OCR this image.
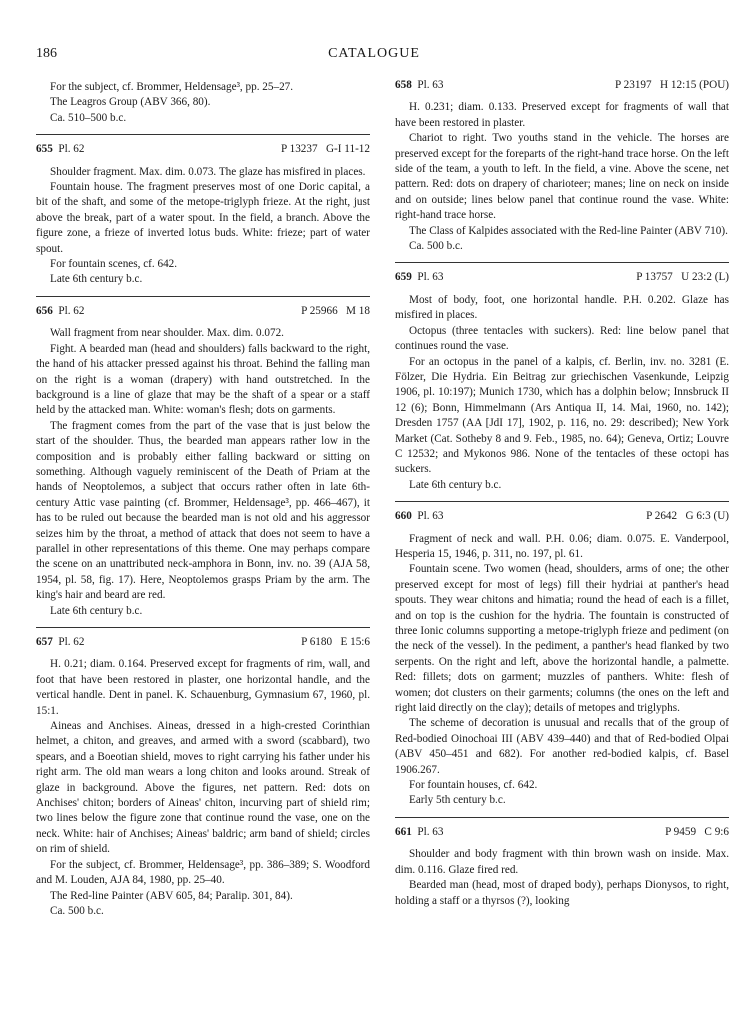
186	CATALOGUE

For the subject, cf. Brommer, Heldensage³, pp. 25–27.

The Leagros Group (ABV 366, 80).

Ca. 510–500 b.c.

655 Pl. 62	P 13237   G-I 11-12

Shoulder fragment. Max. dim. 0.073. The glaze has misfired in places.

Fountain house. The fragment preserves most of one Doric capital, a bit of the shaft, and some of the metope-triglyph frieze. At the right, just above the break, part of a water spout. In the field, a branch. Above the figure zone, a frieze of inverted lotus buds. White: frieze; part of water spout.

For fountain scenes, cf. 642.

Late 6th century b.c.

656 Pl. 62	P 25966   M 18

Wall fragment from near shoulder. Max. dim. 0.072.

Fight. A bearded man (head and shoulders) falls backward to the right, the hand of his attacker pressed against his throat. Behind the falling man on the right is a woman (drapery) with hand outstretched. In the background is a line of glaze that may be the shaft of a spear or a staff held by the attacked man. White: woman's flesh; dots on garments.

The fragment comes from the part of the vase that is just below the start of the shoulder. Thus, the bearded man appears rather low in the composition and is probably either falling backward or sitting on something. Although vaguely reminiscent of the Death of Priam at the hands of Neoptolemos, a subject that occurs rather often in late 6th-century Attic vase painting (cf. Brommer, Heldensage³, pp. 466–467), it has to be ruled out because the bearded man is not old and his aggressor seizes him by the throat, a method of attack that does not seem to have a parallel in other representations of this theme. One may perhaps compare the scene on an unattributed neck-amphora in Bonn, inv. no. 39 (AJA 58, 1954, pl. 58, fig. 17). Here, Neoptolemos grasps Priam by the arm. The king's hair and beard are red.

Late 6th century b.c.

657 Pl. 62	P 6180   E 15:6

H. 0.21; diam. 0.164. Preserved except for fragments of rim, wall, and foot that have been restored in plaster, one horizontal handle, and the vertical handle. Dent in panel. K. Schauenburg, Gymnasium 67, 1960, pl. 15:1.

Aineas and Anchises. Aineas, dressed in a high-crested Corinthian helmet, a chiton, and greaves, and armed with a sword (scabbard), two spears, and a Boeotian shield, moves to right carrying his father under his right arm. The old man wears a long chiton and looks around. Streak of glaze in background. Above the figures, net pattern. Red: dots on Anchises' chiton; borders of Aineas' chiton, incurving part of shield rim; two lines below the figure zone that continue round the vase, one on the neck. White: hair of Anchises; Aineas' baldric; arm band of shield; circles on rim of shield.

For the subject, cf. Brommer, Heldensage³, pp. 386–389; S. Woodford and M. Louden, AJA 84, 1980, pp. 25–40.

The Red-line Painter (ABV 605, 84; Paralip. 301, 84).

Ca. 500 b.c.

658 Pl. 63	P 23197   H 12:15 (POU)

H. 0.231; diam. 0.133. Preserved except for fragments of wall that have been restored in plaster.

Chariot to right. Two youths stand in the vehicle. The horses are preserved except for the foreparts of the right-hand trace horse. On the left side of the team, a youth to left. In the field, a vine. Above the scene, net pattern. Red: dots on drapery of charioteer; manes; line on neck on inside and on outside; lines below panel that continue round the vase. White: right-hand trace horse.

The Class of Kalpides associated with the Red-line Painter (ABV 710).

Ca. 500 b.c.

659 Pl. 63	P 13757   U 23:2 (L)

Most of body, foot, one horizontal handle. P.H. 0.202. Glaze has misfired in places.

Octopus (three tentacles with suckers). Red: line below panel that continues round the vase.

For an octopus in the panel of a kalpis, cf. Berlin, inv. no. 3281 (E. Fölzer, Die Hydria. Ein Beitrag zur griechischen Vasenkunde, Leipzig 1906, pl. 10:197); Munich 1730, which has a dolphin below; Innsbruck II 12 (6); Bonn, Himmelmann (Ars Antiqua II, 14. Mai, 1960, no. 142); Dresden 1757 (AA [JdI 17], 1902, p. 116, no. 29: described); New York Market (Cat. Sotheby 8 and 9. Feb., 1985, no. 64); Geneva, Ortiz; Louvre C 12532; and Mykonos 986. None of the tentacles of these octopi has suckers.

Late 6th century b.c.

660 Pl. 63	P 2642   G 6:3 (U)

Fragment of neck and wall. P.H. 0.06; diam. 0.075. E. Vanderpool, Hesperia 15, 1946, p. 311, no. 197, pl. 61.

Fountain scene. Two women (head, shoulders, arms of one; the other preserved except for most of legs) fill their hydriai at panther's head spouts. They wear chitons and himatia; round the head of each is a fillet, and on top is the cushion for the hydria. The fountain is constructed of three Ionic columns supporting a metope-triglyph frieze and pediment (on the neck of the vessel). In the pediment, a panther's head flanked by two serpents. On the right and left, above the horizontal handle, a palmette. Red: fillets; dots on garment; muzzles of panthers. White: flesh of women; dot clusters on their garments; columns (the ones on the left and right laid directly on the clay); details of metopes and triglyphs.

The scheme of decoration is unusual and recalls that of the group of Red-bodied Oinochoai III (ABV 439–440) and that of Red-bodied Olpai (ABV 450–451 and 682). For another red-bodied kalpis, cf. Basel 1906.267.

For fountain houses, cf. 642.

Early 5th century b.c.

661 Pl. 63	P 9459   C 9:6

Shoulder and body fragment with thin brown wash on inside. Max. dim. 0.116. Glaze fired red.

Bearded man (head, most of draped body), perhaps Dionysos, to right, holding a staff or a thyrsos (?), looking
